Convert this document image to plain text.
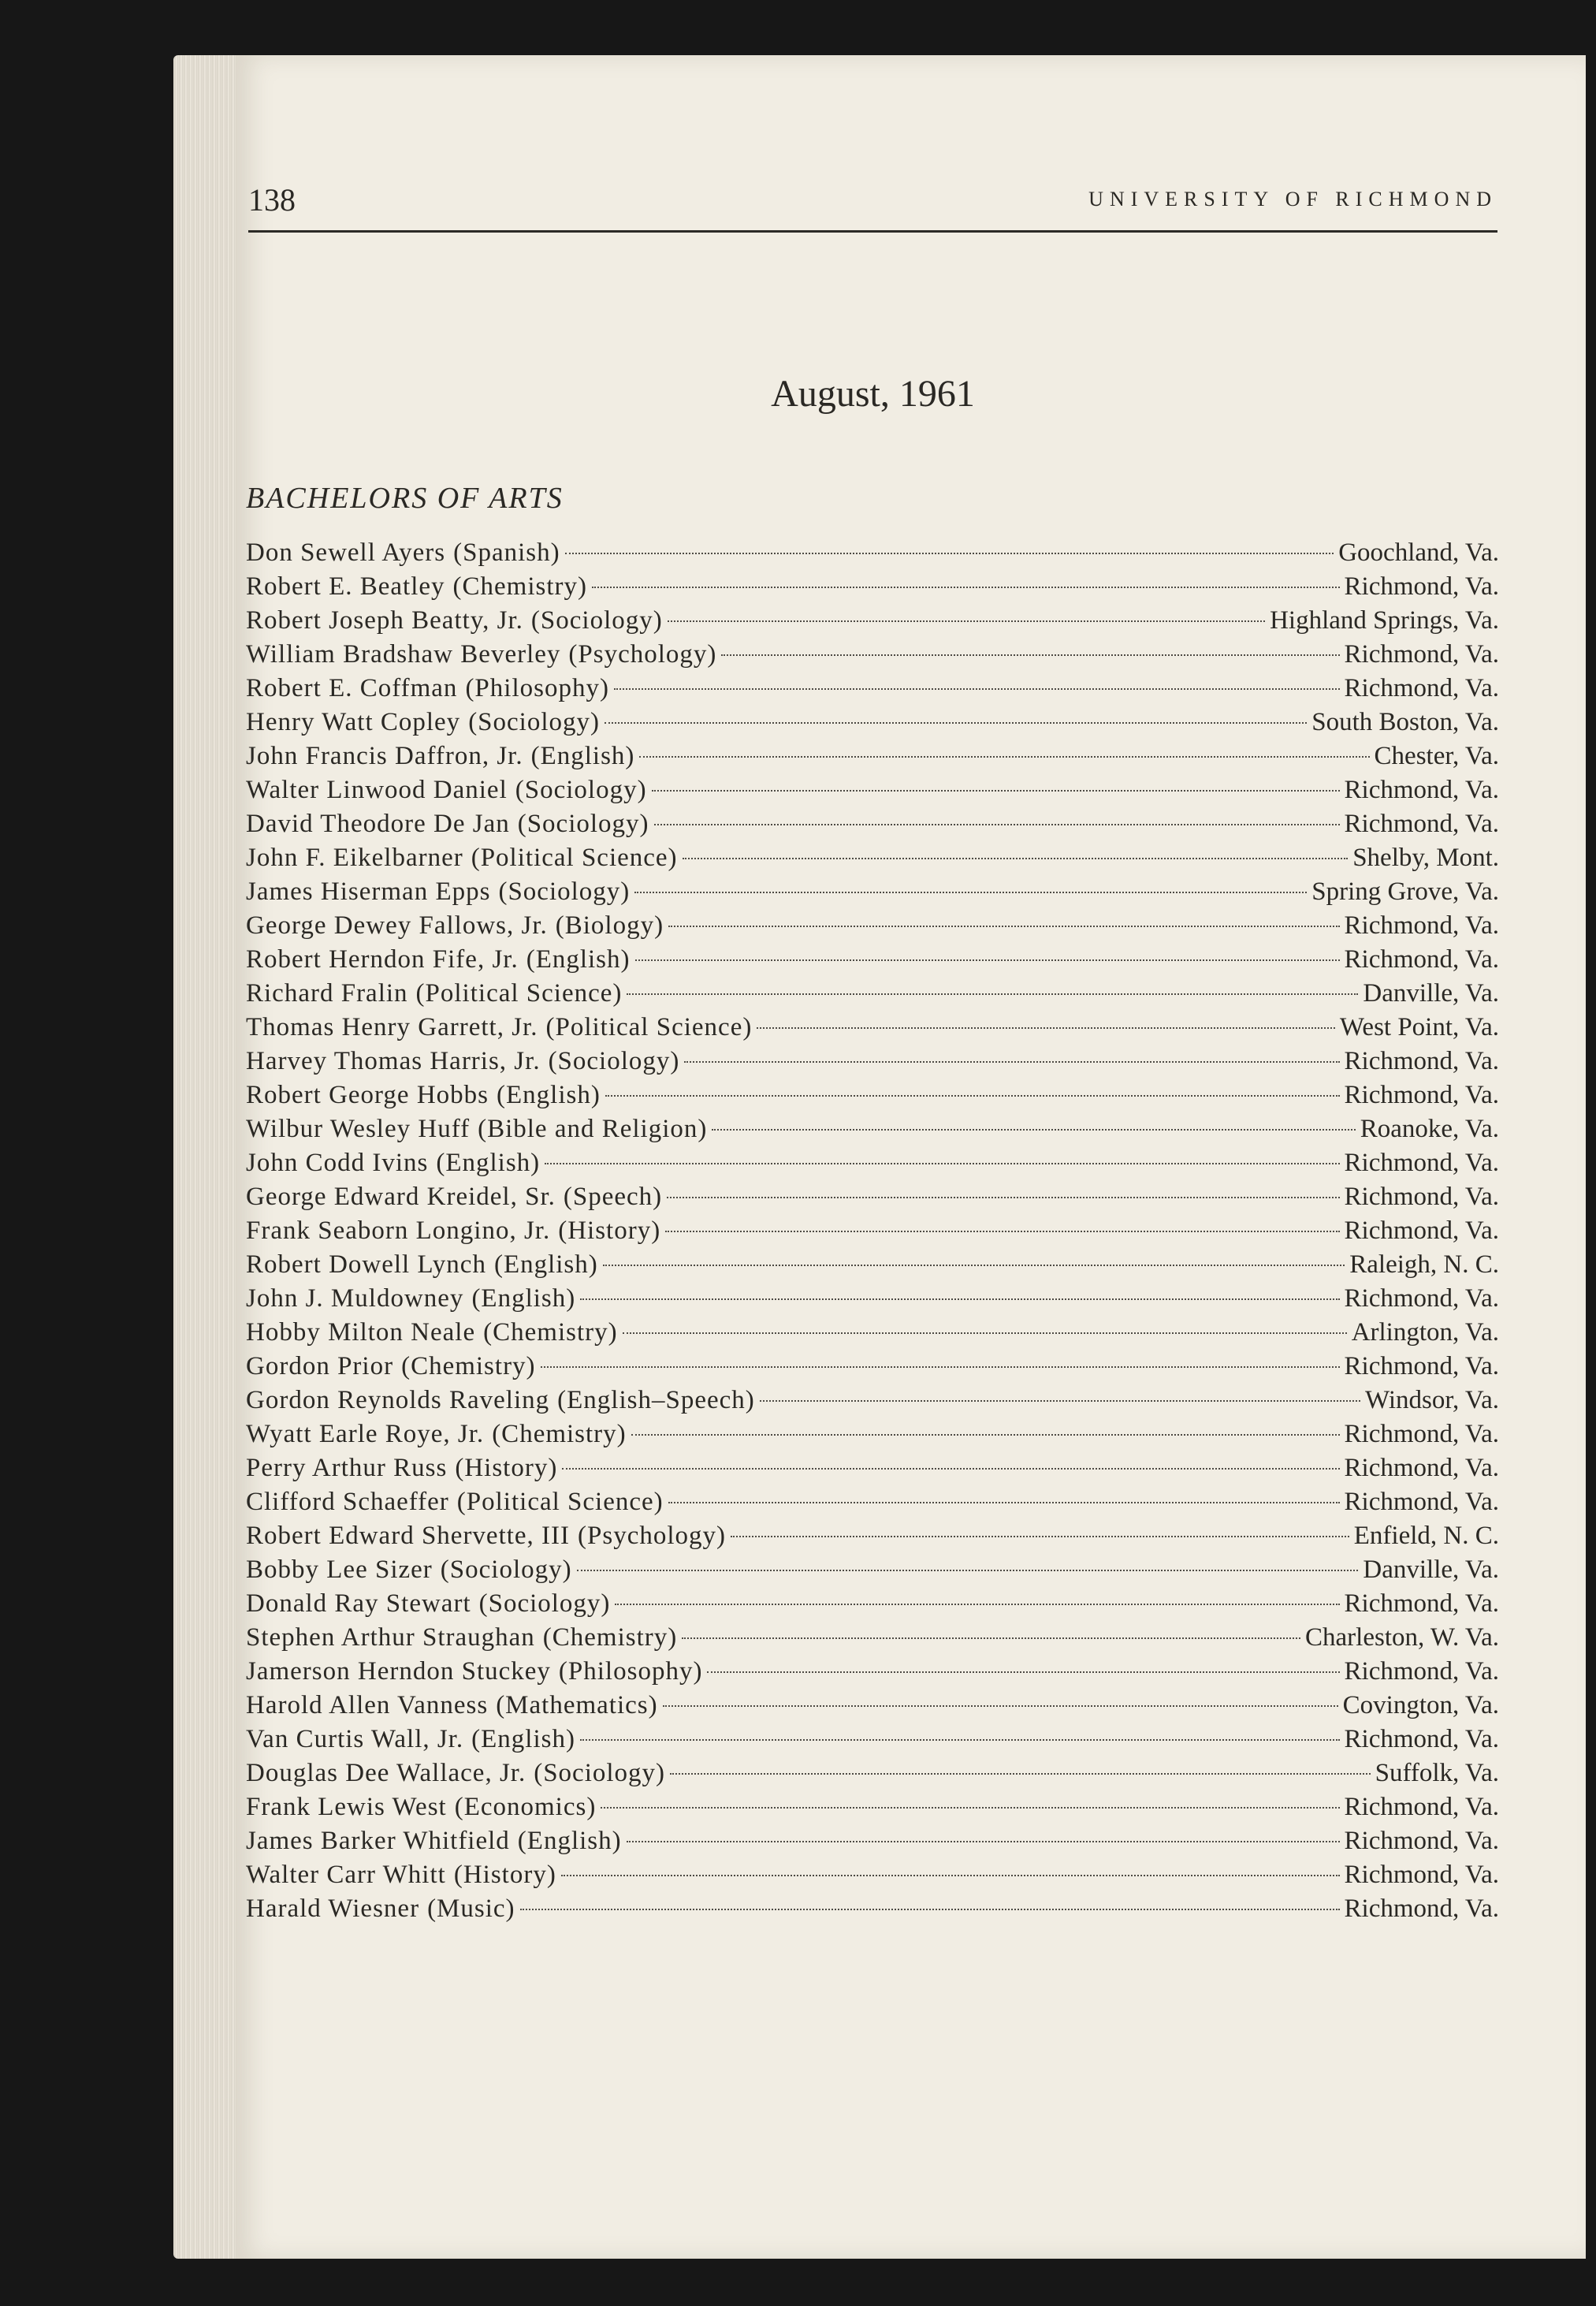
138	UNIVERSITY OF RICHMOND
August, 1961
BACHELORS OF ARTS
Don Sewell Ayers (Spanish)	Goochland, Va.
Robert E. Beatley (Chemistry)	Richmond, Va.
Robert Joseph Beatty, Jr. (Sociology)	Highland Springs, Va.
William Bradshaw Beverley (Psychology)	Richmond, Va.
Robert E. Coffman (Philosophy)	Richmond, Va.
Henry Watt Copley (Sociology)	South Boston, Va.
John Francis Daffron, Jr. (English)	Chester, Va.
Walter Linwood Daniel (Sociology)	Richmond, Va.
David Theodore De Jan (Sociology)	Richmond, Va.
John F. Eikelbarner (Political Science)	Shelby, Mont.
James Hiserman Epps (Sociology)	Spring Grove, Va.
George Dewey Fallows, Jr. (Biology)	Richmond, Va.
Robert Herndon Fife, Jr. (English)	Richmond, Va.
Richard Fralin (Political Science)	Danville, Va.
Thomas Henry Garrett, Jr. (Political Science)	West Point, Va.
Harvey Thomas Harris, Jr. (Sociology)	Richmond, Va.
Robert George Hobbs (English)	Richmond, Va.
Wilbur Wesley Huff (Bible and Religion)	Roanoke, Va.
John Codd Ivins (English)	Richmond, Va.
George Edward Kreidel, Sr. (Speech)	Richmond, Va.
Frank Seaborn Longino, Jr. (History)	Richmond, Va.
Robert Dowell Lynch (English)	Raleigh, N. C.
John J. Muldowney (English)	Richmond, Va.
Hobby Milton Neale (Chemistry)	Arlington, Va.
Gordon Prior (Chemistry)	Richmond, Va.
Gordon Reynolds Raveling (English–Speech)	Windsor, Va.
Wyatt Earle Roye, Jr. (Chemistry)	Richmond, Va.
Perry Arthur Russ (History)	Richmond, Va.
Clifford Schaeffer (Political Science)	Richmond, Va.
Robert Edward Shervette, III (Psychology)	Enfield, N. C.
Bobby Lee Sizer (Sociology)	Danville, Va.
Donald Ray Stewart (Sociology)	Richmond, Va.
Stephen Arthur Straughan (Chemistry)	Charleston, W. Va.
Jamerson Herndon Stuckey (Philosophy)	Richmond, Va.
Harold Allen Vanness (Mathematics)	Covington, Va.
Van Curtis Wall, Jr. (English)	Richmond, Va.
Douglas Dee Wallace, Jr. (Sociology)	Suffolk, Va.
Frank Lewis West (Economics)	Richmond, Va.
James Barker Whitfield (English)	Richmond, Va.
Walter Carr Whitt (History)	Richmond, Va.
Harald Wiesner (Music)	Richmond, Va.
